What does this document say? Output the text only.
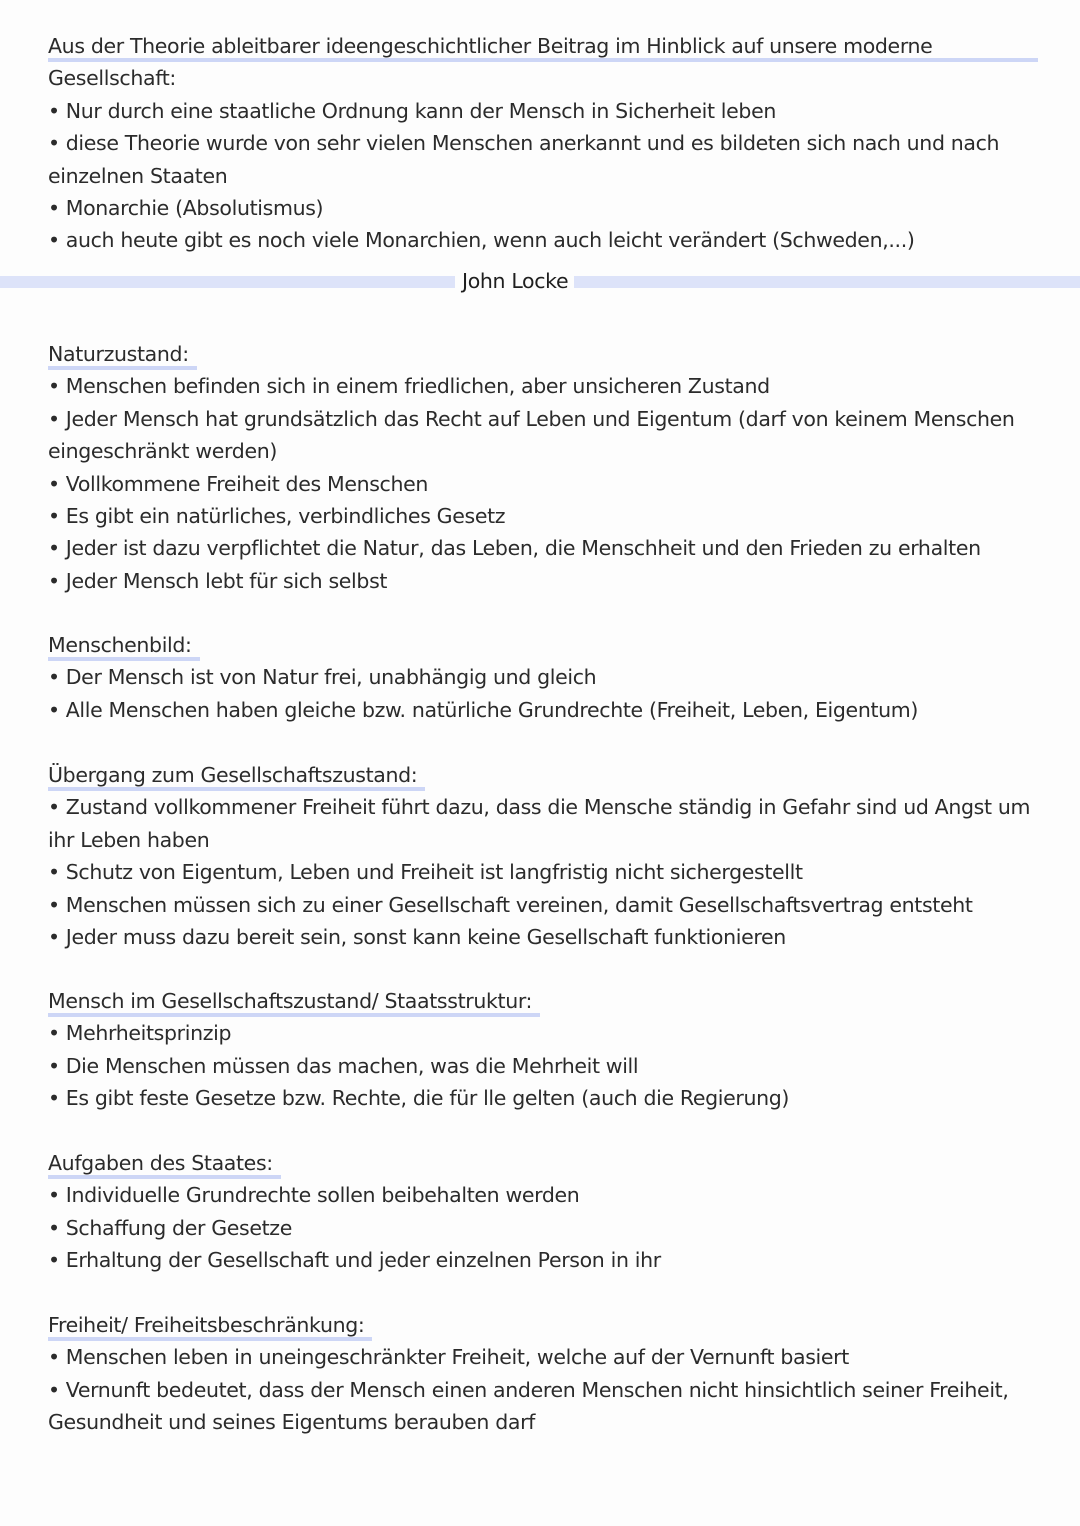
Aus der Theorie ableitbarer ideengeschichtlicher Beitrag im Hinblick auf unsere moderne Gesellschaft:
• Nur durch eine staatliche Ordnung kann der Mensch in Sicherheit leben
• diese Theorie wurde von sehr vielen Menschen anerkannt und es bildeten sich nach und nach einzelnen Staaten
• Monarchie (Absolutismus)
• auch heute gibt es noch viele Monarchien, wenn auch leicht verändert (Schweden,...)
John Locke
Naturzustand:
• Menschen befinden sich in einem friedlichen, aber unsicheren Zustand
• Jeder Mensch hat grundsätzlich das Recht auf Leben und Eigentum (darf von keinem Menschen eingeschränkt werden)
• Vollkommene Freiheit des Menschen
• Es gibt ein natürliches, verbindliches Gesetz
• Jeder ist dazu verpflichtet die Natur, das Leben, die Menschheit und den Frieden zu erhalten
• Jeder Mensch lebt für sich selbst
Menschenbild:
• Der Mensch ist von Natur frei, unabhängig und gleich
• Alle Menschen haben gleiche bzw. natürliche Grundrechte (Freiheit, Leben, Eigentum)
Übergang zum Gesellschaftszustand:
• Zustand vollkommener Freiheit führt dazu, dass die Mensche ständig in Gefahr sind ud Angst um ihr Leben haben
• Schutz von Eigentum, Leben und Freiheit ist langfristig nicht sichergestellt
• Menschen müssen sich zu einer Gesellschaft vereinen, damit Gesellschaftsvertrag entsteht
• Jeder muss dazu bereit sein, sonst kann keine Gesellschaft funktionieren
Mensch im Gesellschaftszustand/ Staatsstruktur:
• Mehrheitsprinzip
• Die Menschen müssen das machen, was die Mehrheit will
• Es gibt feste Gesetze bzw. Rechte, die für lle gelten (auch die Regierung)
Aufgaben des Staates:
• Individuelle Grundrechte sollen beibehalten werden
• Schaffung der Gesetze
• Erhaltung der Gesellschaft und jeder einzelnen Person in ihr
Freiheit/ Freiheitsbeschränkung:
• Menschen leben in uneingeschränkter Freiheit, welche auf der Vernunft basiert
• Vernunft bedeutet, dass der Mensch einen anderen Menschen nicht hinsichtlich seiner Freiheit, Gesundheit und seines Eigentums berauben darf
